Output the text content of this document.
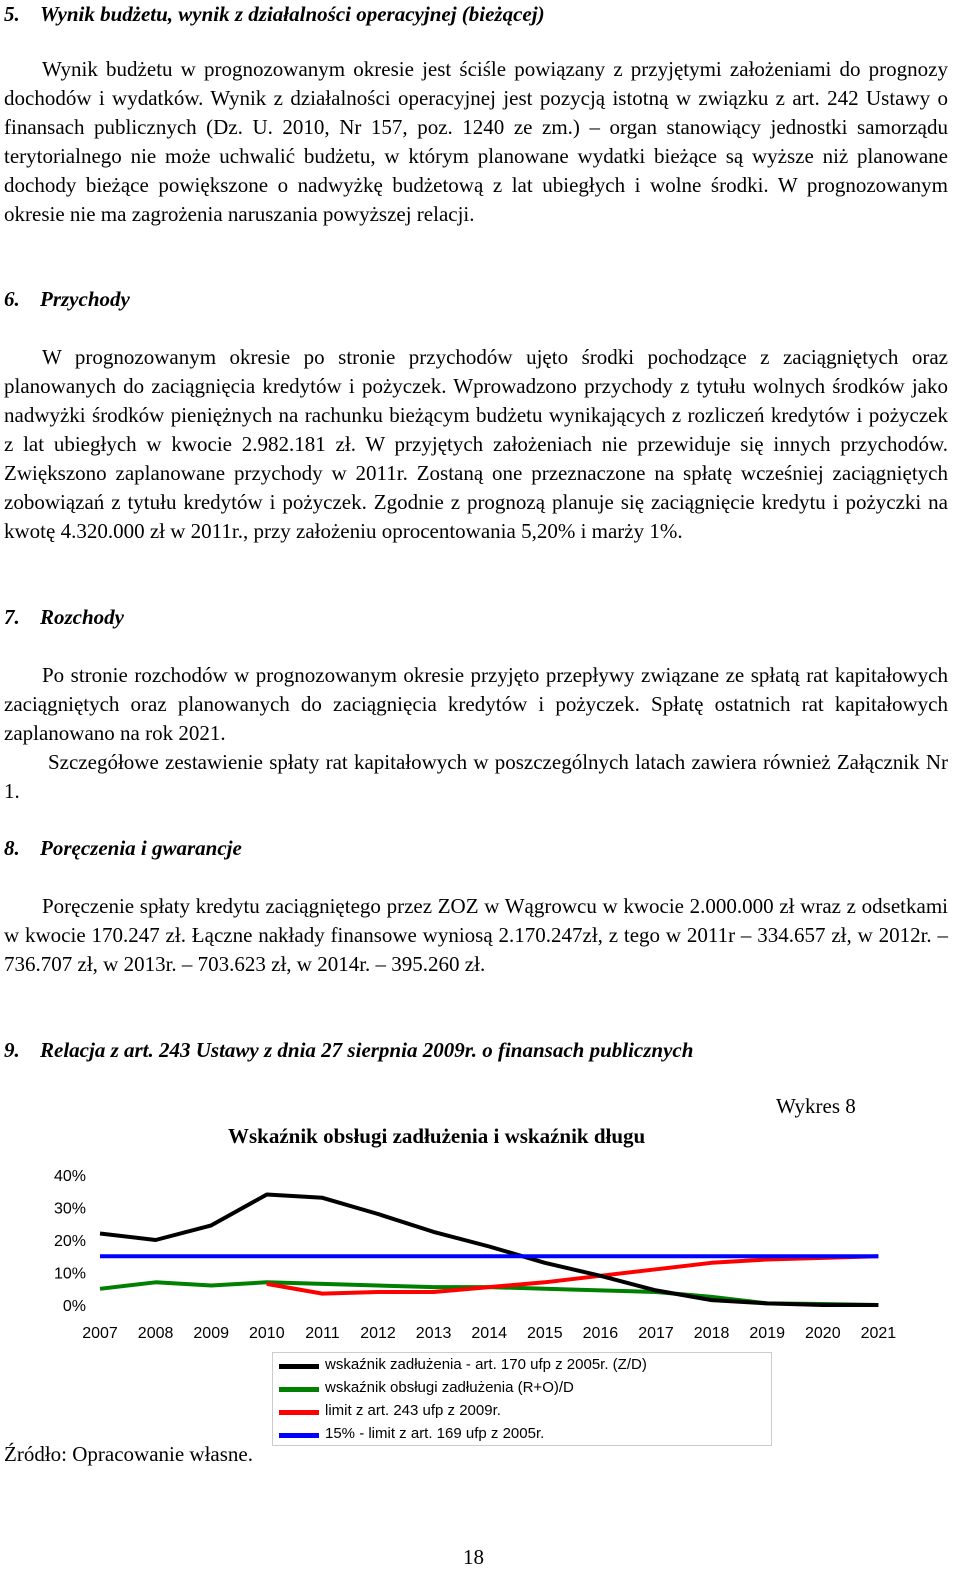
5. Wynik budżetu, wynik z działalności operacyjnej (bieżącej)
Wynik budżetu w prognozowanym okresie jest ściśle powiązany z przyjętymi założeniami do prognozy dochodów i wydatków. Wynik z działalności operacyjnej jest pozycją istotną w związku z art. 242 Ustawy o finansach publicznych (Dz. U. 2010, Nr 157, poz. 1240 ze zm.) – organ stanowiący jednostki samorządu terytorialnego nie może uchwalić budżetu, w którym planowane wydatki bieżące są wyższe niż planowane dochody bieżące powiększone o nadwyżkę budżetową z lat ubiegłych i wolne środki. W prognozowanym okresie nie ma zagrożenia naruszania powyższej relacji.
6. Przychody
W prognozowanym okresie po stronie przychodów ujęto środki pochodzące z zaciągniętych oraz planowanych do zaciągnięcia kredytów i pożyczek. Wprowadzono przychody z tytułu wolnych środków jako nadwyżki środków pieniężnych na rachunku bieżącym budżetu wynikających z rozliczeń kredytów i pożyczek z lat ubiegłych w kwocie 2.982.181 zł. W przyjętych założeniach nie przewiduje się innych przychodów. Zwiększono zaplanowane przychody w 2011r. Zostaną one przeznaczone na spłatę wcześniej zaciągniętych zobowiązań z tytułu kredytów i pożyczek. Zgodnie z prognozą planuje się zaciągnięcie kredytu i pożyczki na kwotę 4.320.000 zł w 2011r., przy założeniu oprocentowania 5,20% i marży 1%.
7. Rozchody
Po stronie rozchodów w prognozowanym okresie przyjęto przepływy związane ze spłatą rat kapitałowych zaciągniętych oraz planowanych do zaciągnięcia kredytów i pożyczek. Spłatę ostatnich rat kapitałowych zaplanowano na rok 2021.
Szczegółowe zestawienie spłaty rat kapitałowych w poszczególnych latach zawiera również Załącznik Nr 1.
8. Poręczenia i gwarancje
Poręczenie spłaty kredytu zaciągniętego przez ZOZ w Wągrowcu w kwocie 2.000.000 zł wraz z odsetkami w kwocie 170.247 zł. Łączne nakłady finansowe wyniosą 2.170.247zł, z tego w 2011r – 334.657 zł, w 2012r. – 736.707 zł, w 2013r. – 703.623 zł, w 2014r. – 395.260 zł.
9. Relacja z art. 243 Ustawy z dnia 27 sierpnia 2009r. o finansach publicznych
0%
10%
20%
30%
40%
2007 2008 2009 2010 2011 2012 2013 2014 2015 2016 2017 2018 2019 2020 2021
Wykres 8
Wskaźnik obsługi zadłużenia i wskaźnik długu
wskaźnik zadłużenia - art. 170 ufp z 2005r. (Z/D)
wskaźnik obsługi zadłużenia (R+O)/D
limit z art. 243 ufp z 2009r.
15% - limit z art. 169 ufp z 2005r.
Źródło: Opracowanie własne.
18
